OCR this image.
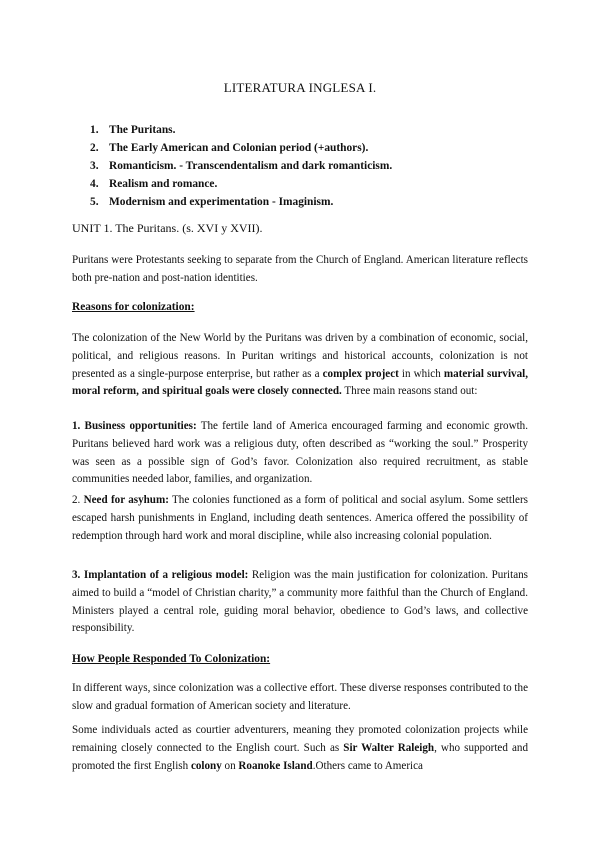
LITERATURA INGLESA I.
1. The Puritans.
2. The Early American and Colonian period (+authors).
3. Romanticism. - Transcendentalism and dark romanticism.
4. Realism and romance.
5. Modernism and experimentation - Imaginism.
UNIT 1. The Puritans. (s. XVI y XVII).

Puritans were Protestants seeking to separate from the Church of England. American literature reflects both pre-nation and post-nation identities.

Reasons for colonization:

The colonization of the New World by the Puritans was driven by a combination of economic, social, political, and religious reasons. In Puritan writings and historical accounts, colonization is not presented as a single-purpose enterprise, but rather as a complex project in which material survival, moral reform, and spiritual goals were closely connected. Three main reasons stand out:

1. Business opportunities: The fertile land of America encouraged farming and economic growth. Puritans believed hard work was a religious duty, often described as “working the soul.” Prosperity was seen as a possible sign of God’s favor. Colonization also required recruitment, as stable communities needed labor, families, and organization.

2. Need for asyhum: The colonies functioned as a form of political and social asylum. Some settlers escaped harsh punishments in England, including death sentences. America offered the possibility of redemption through hard work and moral discipline, while also increasing colonial population.

3. Implantation of a religious model: Religion was the main justification for colonization. Puritans aimed to build a “model of Christian charity,” a community more faithful than the Church of England. Ministers played a central role, guiding moral behavior, obedience to God’s laws, and collective responsibility.

How People Responded To Colonization:

In different ways, since colonization was a collective effort. These diverse responses contributed to the slow and gradual formation of American society and literature.

Some individuals acted as courtier adventurers, meaning they promoted colonization projects while remaining closely connected to the English court. Such as Sir Walter Raleigh, who supported and promoted the first English colony on Roanoke Island.Others came to America
